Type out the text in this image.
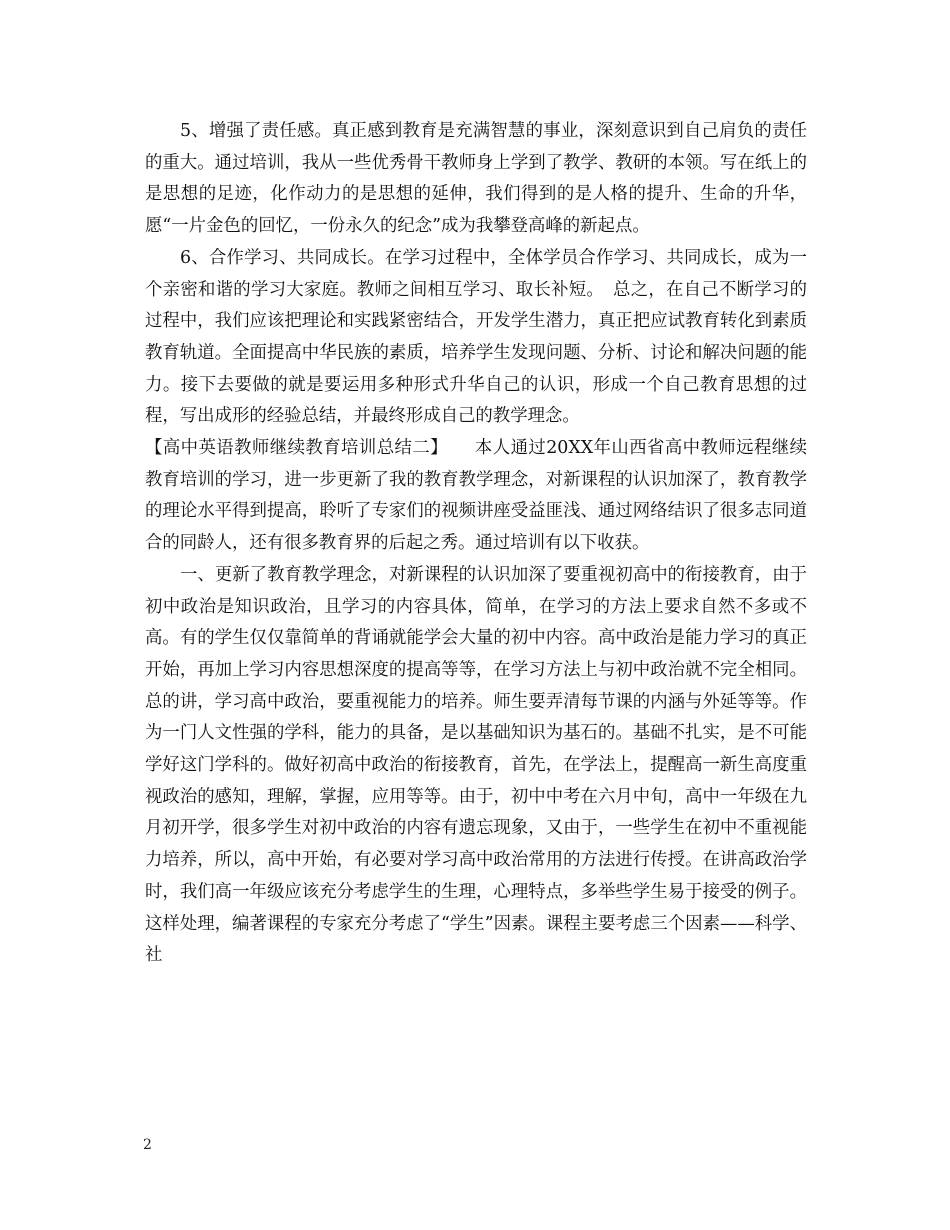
5、增强了责任感。真正感到教育是充满智慧的事业，深刻意识到自己肩负的责任的重大。通过培训，我从一些优秀骨干教师身上学到了教学、教研的本领。写在纸上的是思想的足迹，化作动力的是思想的延伸，我们得到的是人格的提升、生命的升华，愿“一片金色的回忆，一份永久的纪念”成为我攀登高峰的新起点。

6、合作学习、共同成长。在学习过程中，全体学员合作学习、共同成长，成为一个亲密和谐的学习大家庭。教师之间相互学习、取长补短。　总之，在自己不断学习的过程中，我们应该把理论和实践紧密结合，开发学生潜力，真正把应试教育转化到素质教育轨道。全面提高中华民族的素质，培养学生发现问题、分析、讨论和解决问题的能力。接下去要做的就是要运用多种形式升华自己的认识，形成一个自己教育思想的过程，写出成形的经验总结，并最终形成自己的教学理念。

【高中英语教师继续教育培训总结二】　　本人通过20XX年山西省高中教师远程继续教育培训的学习，进一步更新了我的教育教学理念，对新课程的认识加深了，教育教学的理论水平得到提高，聆听了专家们的视频讲座受益匪浅、通过网络结识了很多志同道合的同龄人，还有很多教育界的后起之秀。通过培训有以下收获。

一、更新了教育教学理念，对新课程的认识加深了要重视初高中的衔接教育，由于初中政治是知识政治，且学习的内容具体，简单，在学习的方法上要求自然不多或不高。有的学生仅仅靠简单的背诵就能学会大量的初中内容。高中政治是能力学习的真正开始，再加上学习内容思想深度的提高等等，在学习方法上与初中政治就不完全相同。总的讲，学习高中政治，要重视能力的培养。师生要弄清每节课的内涵与外延等等。作为一门人文性强的学科，能力的具备，是以基础知识为基石的。基础不扎实，是不可能学好这门学科的。做好初高中政治的衔接教育，首先，在学法上，提醒高一新生高度重视政治的感知，理解，掌握，应用等等。由于，初中中考在六月中旬，高中一年级在九月初开学，很多学生对初中政治的内容有遗忘现象，又由于，一些学生在初中不重视能力培养，所以，高中开始，有必要对学习高中政治常用的方法进行传授。在讲高政治学时，我们高一年级应该充分考虑学生的生理，心理特点，多举些学生易于接受的例子。这样处理，编著课程的专家充分考虑了“学生”因素。课程主要考虑三个因素——科学、社

2
